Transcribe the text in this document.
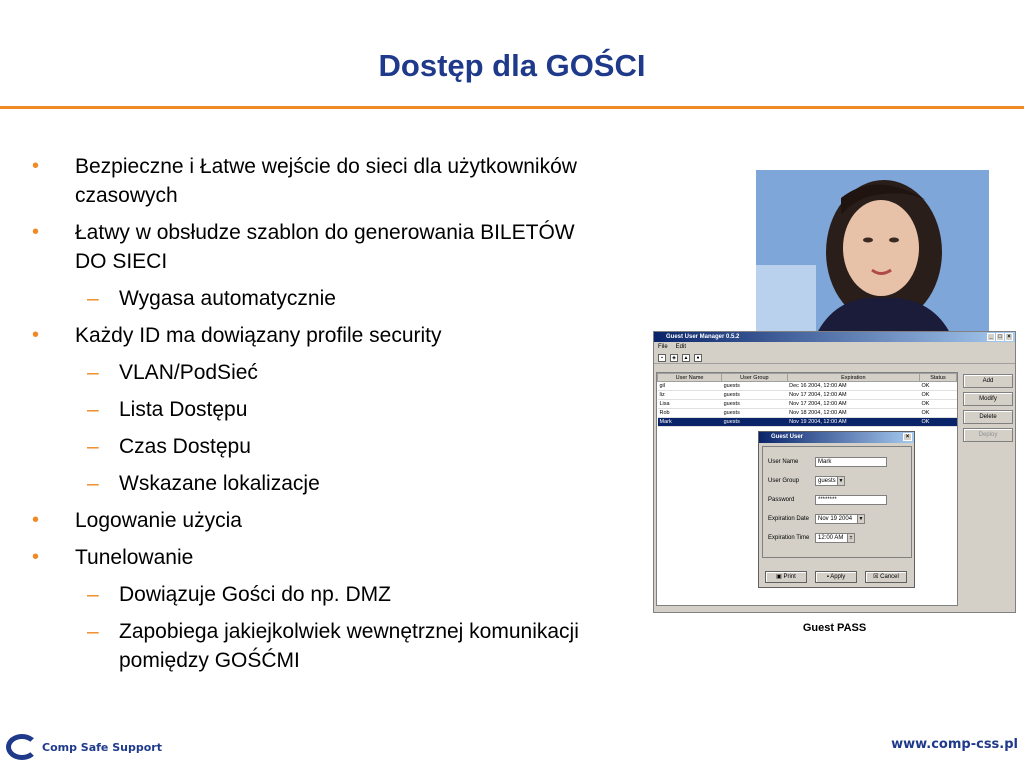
Dostęp dla GOŚCI
• Bezpieczne i Łatwe wejście do sieci dla użytkowników czasowych
• Łatwy w obsłudze szablon do generowania BILETÓW DO SIECI
– Wygasa automatycznie
• Każdy ID ma dowiązany profile security
– VLAN/PodSieć
– Lista Dostępu
– Czas Dostępu
– Wskazane lokalizacje
• Logowanie użycia
• Tunelowanie
– Dowiązuje Gości do np. DMZ
– Zapobiega jakiejkolwiek wewnętrznej komunikacji pomiędzy GOŚĆMI
Guest User Manager 0.5.2	_ □ ×
File Edit
▪	◈	▲	●
User Name	User Group	Expiration	Status
gil	guests	Dec 16 2004, 12:00 AM	OK
liz	guests	Nov 17 2004, 12:00 AM	OK
Lisa	guests	Nov 17 2004, 12:00 AM	OK
Rob	guests	Nov 18 2004, 12:00 AM	OK
Mark	guests	Nov 19 2004, 12:00 AM	OK
Add
Modify
Delete
Deploy
Guest User	×
User Name	Mark
User Group	guests ▼
Password	********
Expiration Date	Nov 19 2004	▼
Expiration Time	12:00 AM	±
▣ Print	▪ Apply	☒ Cancel
Guest PASS
Comp Safe Support	www.comp-css.pl
